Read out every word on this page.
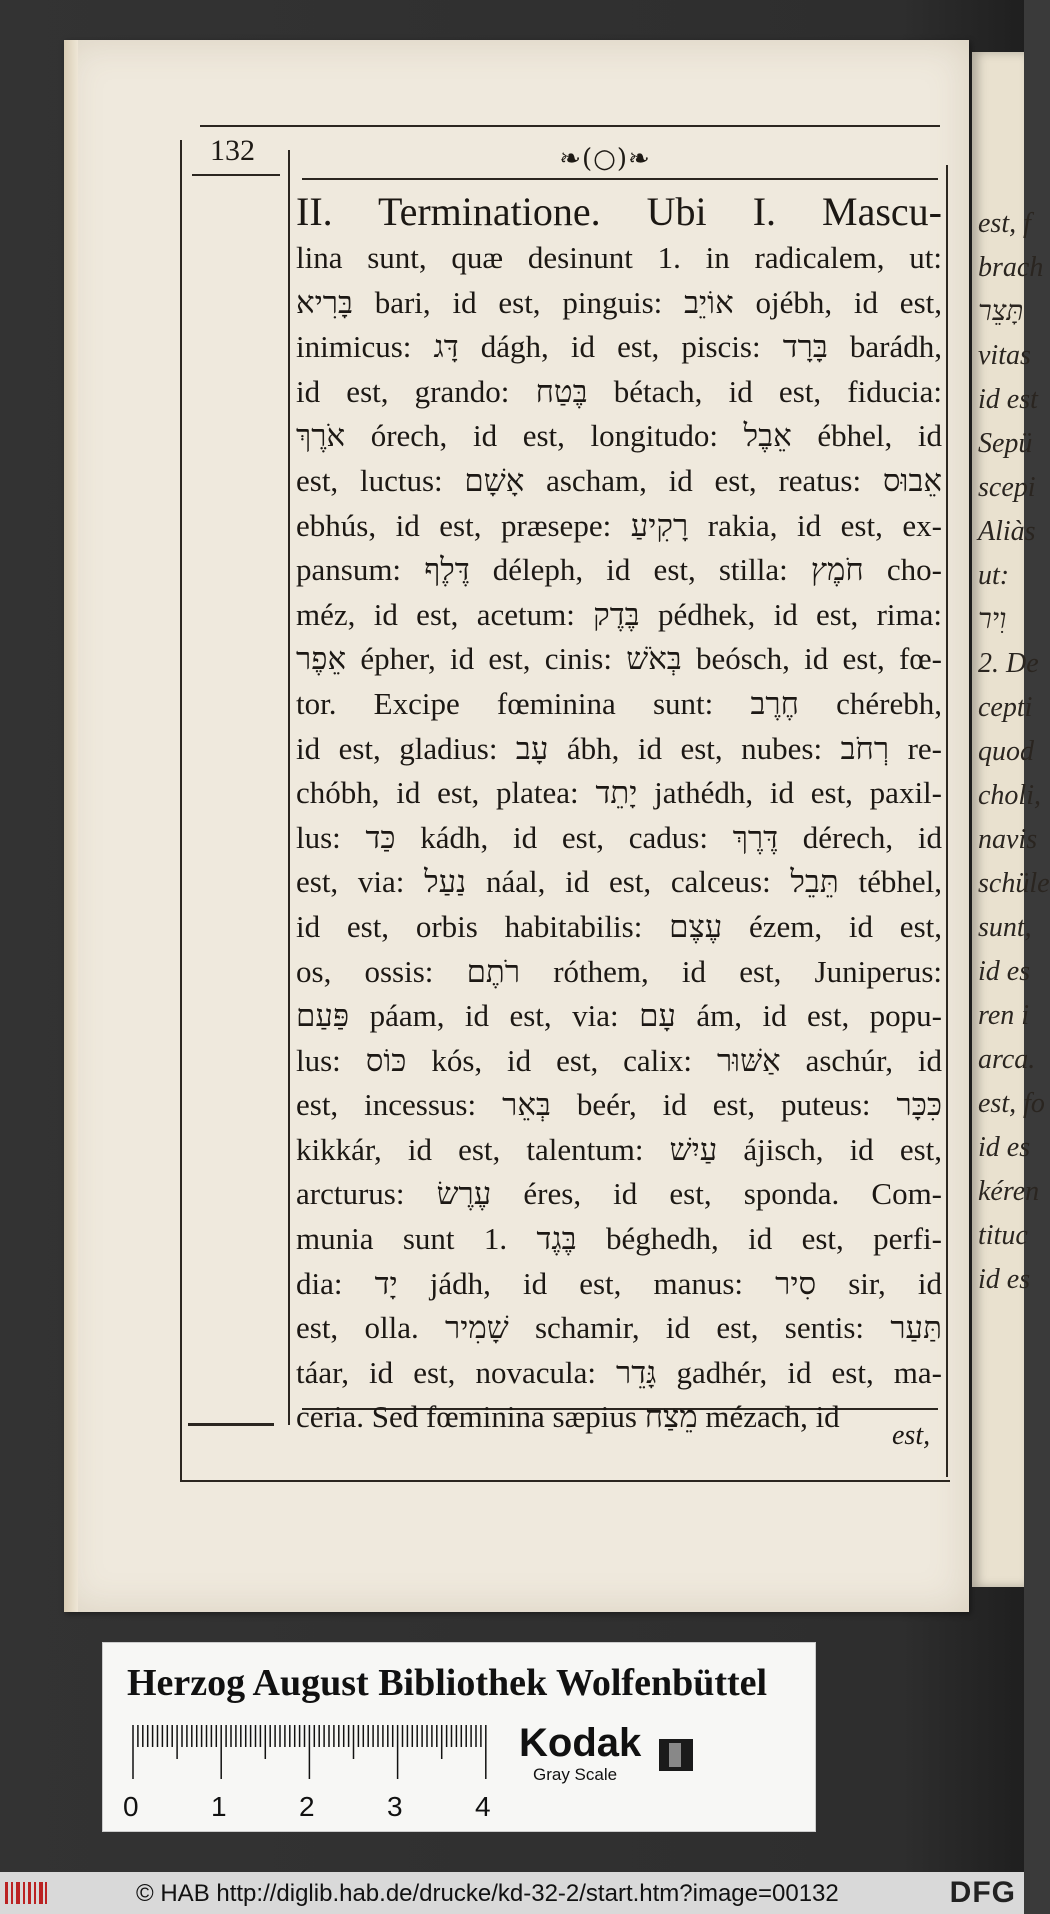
est, f
brach
תָּצֵר
vitas
id est
Sepü
scepi
Aliàs
ut:
וִיר
2. De
cepti
quod
choli,
navis
schüle
sunt,
id es
ren i
arca.
est, fo
id es
kéren
tituc
id es
132	❧(○)❧
II. Terminatione. Ubi I. Mascu-
lina sunt, quæ desinunt 1. in radicalem, ut:
בָּרִיא bari, id est, pinguis: אוֹיֵב ojébh, id est,
inimicus: דָּג dágh, id est, piscis: בָּרָד barádh,
id est, grando: בֶּטַח bétach, id est, fiducia:
אֹרֶךְ órech, id est, longitudo: אֵבֶל ébhel, id
est, luctus: אָשָׁם ascham, id est, reatus: אֵבוּס
ebhús, id est, præsepe: רָקִיעַ rakia, id est, ex-
pansum: דֶּלֶף déleph, id est, stilla: חֹמֶץ cho-
méz, id est, acetum: בֶּדֶק pédhek, id est, rima:
אֵפֶר épher, id est, cinis: בְּאֹשׁ beósch, id est, fœ-
tor. Excipe fœminina sunt: חֶרֶב chérebh,
id est, gladius: עָב ábh, id est, nubes: רְחֹב re-
chóbh, id est, platea: יָתֵד jathédh, id est, paxil-
lus: כַּד kádh, id est, cadus: דֶּרֶךְ dérech, id
est, via: נַעַל náal, id est, calceus: תֵּבֵל tébhel,
id est, orbis habitabilis: עֶצֶם ézem, id est,
os, ossis: רֹתֶם róthem, id est, Juniperus:
פַּעַם páam, id est, via: עָם ám, id est, popu-
lus: כּוֹס kós, id est, calix: אַשּׁוּר aschúr, id
est, incessus: בְּאֵר beér, id est, puteus: כִּכָּר
kikkár, id est, talentum: עַיִשׁ ájisch, id est,
arcturus: עֶרֶשׂ éres, id est, sponda. Com-
munia sunt 1. בֶּגֶד béghedh, id est, perfi-
dia: יָד jádh, id est, manus: סִיר sir, id
est, olla. שָׁמִיר schamir, id est, sentis: תַּעַר
táar, id est, novacula: גָּדֵר gadhér, id est, ma-
ceria. Sed fœminina sæpius מֵצַח mézach, id
est,
Herzog August Bibliothek Wolfenbüttel
0	1	2	3	4
Kodak
Gray Scale
© HAB http://diglib.hab.de/drucke/kd-32-2/start.htm?image=00132	DFG
